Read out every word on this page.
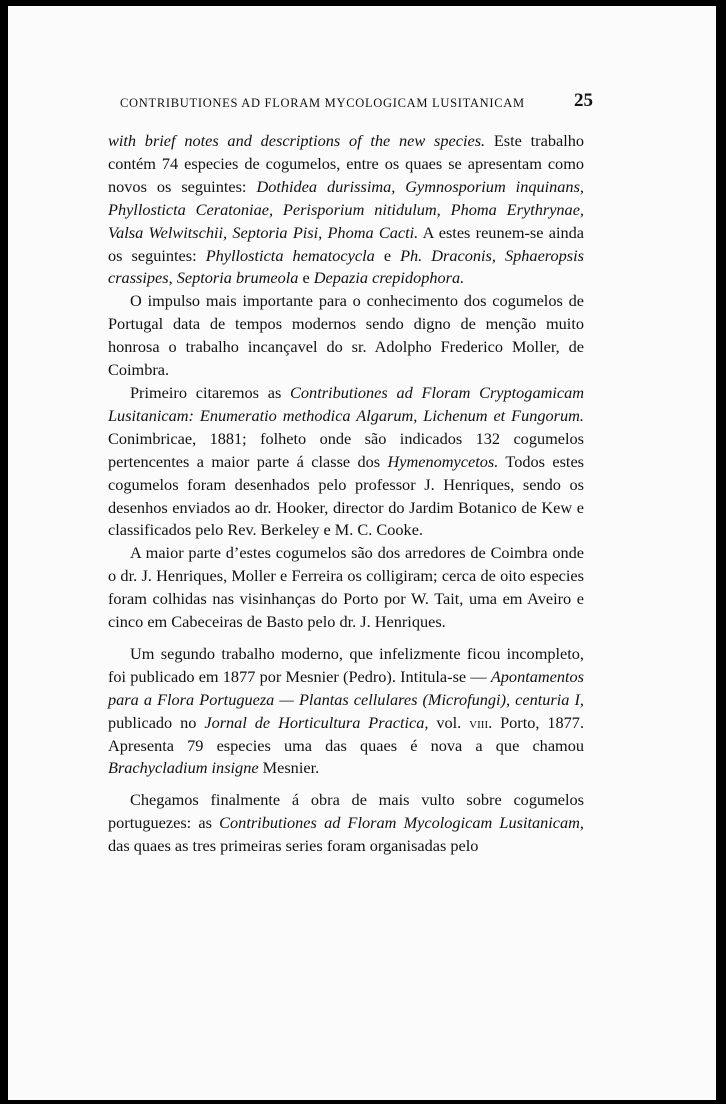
CONTRIBUTIONES AD FLORAM MYCOLOGICAM LUSITANICAM	25

with brief notes and descriptions of the new species. Este trabalho contém 74 especies de cogumelos, entre os quaes se apresentam como novos os seguintes: Dothidea durissima, Gymnosporium inquinans, Phyllosticta Ceratoniae, Perisporium nitidulum, Phoma Erythrynae, Valsa Welwitschii, Septoria Pisi, Phoma Cacti. A estes reunem-se ainda os seguintes: Phyllosticta hematocycla e Ph. Draconis, Sphaeropsis crassipes, Septoria brumeola e Depazia crepidophora.

O impulso mais importante para o conhecimento dos cogumelos de Portugal data de tempos modernos sendo digno de menção muito honrosa o trabalho incançavel do sr. Adolpho Frederico Moller, de Coimbra.

Primeiro citaremos as Contributiones ad Floram Cryptogamicam Lusitanicam: Enumeratio methodica Algarum, Lichenum et Fungorum. Conimbricae, 1881; folheto onde são indicados 132 cogumelos pertencentes a maior parte á classe dos Hymenomycetos. Todos estes cogumelos foram desenhados pelo professor J. Henriques, sendo os desenhos enviados ao dr. Hooker, director do Jardim Botanico de Kew e classificados pelo Rev. Berkeley e M. C. Cooke.

A maior parte d’estes cogumelos são dos arredores de Coimbra onde o dr. J. Henriques, Moller e Ferreira os colligiram; cerca de oito especies foram colhidas nas visinhanças do Porto por W. Tait, uma em Aveiro e cinco em Cabeceiras de Basto pelo dr. J. Henriques.

Um segundo trabalho moderno, que infelizmente ficou incompleto, foi publicado em 1877 por Mesnier (Pedro). Intitula-se — Apontamentos para a Flora Portugueza — Plantas cellulares (Microfungi), centuria I, publicado no Jornal de Horticultura Practica, vol. viii. Porto, 1877. Apresenta 79 especies uma das quaes é nova a que chamou Brachycladium insigne Mesnier.

Chegamos finalmente á obra de mais vulto sobre cogumelos portuguezes: as Contributiones ad Floram Mycologicam Lusitanicam, das quaes as tres primeiras series foram organisadas pelo
